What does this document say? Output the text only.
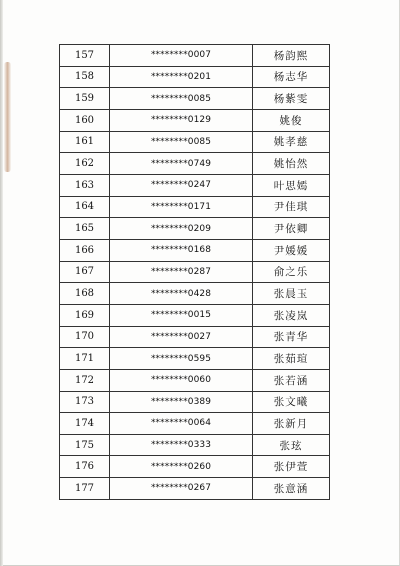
157	********0007	杨韵熙
158	********0201	杨志华
159	********0085	杨紫雯
160	********0129	姚俊
161	********0085	姚孝慈
162	********0749	姚怡然
163	********0247	叶思嫣
164	********0171	尹佳琪
165	********0209	尹依卿
166	********0168	尹媛媛
167	********0287	俞之乐
168	********0428	张晨玉
169	********0015	张凌岚
170	********0027	张青华
171	********0595	张茹瑄
172	********0060	张若涵
173	********0389	张文曦
174	********0064	张新月
175	********0333	张玹
176	********0260	张伊萱
177	********0267	张意涵
